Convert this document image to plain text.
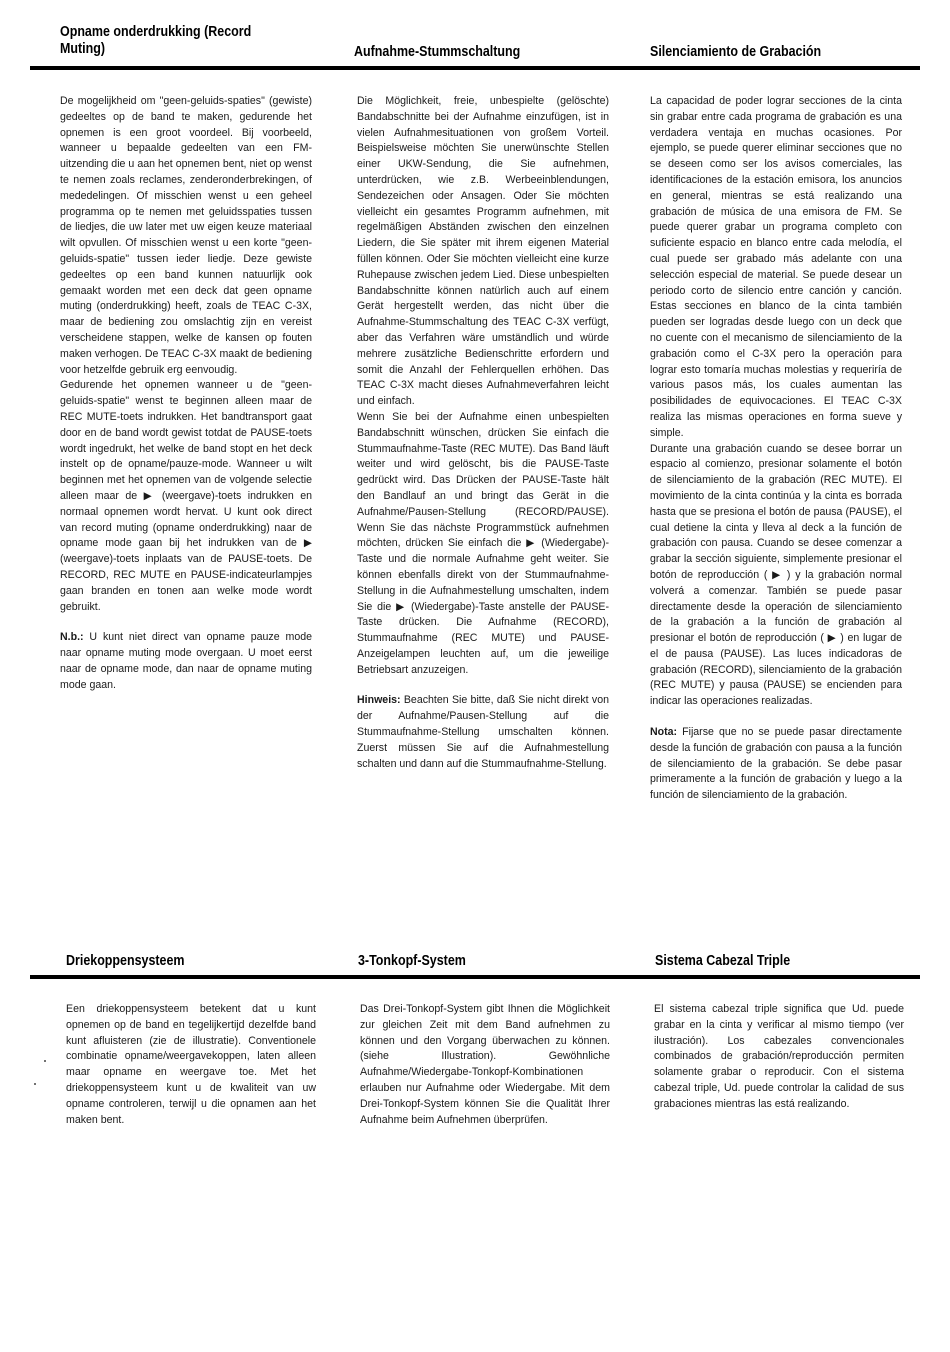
Opname onderdrukking (Record
Muting)	Aufnahme-Stummschaltung	Silenciamiento de Grabación

De mogelijkheid om "geen-geluids-spaties" (gewiste) gedeeltes op de band te maken, gedurende het opnemen is een groot voordeel. Bij voorbeeld, wanneer u bepaalde gedeelten van een FM-uitzending die u aan het opnemen bent, niet op wenst te nemen zoals reclames, zenderonderbrekingen, of mededelingen. Of misschien wenst u een geheel programma op te nemen met geluidsspaties tussen de liedjes, die uw later met uw eigen keuze materiaal wilt opvullen. Of misschien wenst u een korte "geen-geluids-spatie" tussen ieder liedje. Deze gewiste gedeeltes op een band kunnen natuurlijk ook gemaakt worden met een deck dat geen opname muting (onderdrukking) heeft, zoals de TEAC C-3X, maar de bediening zou omslachtig zijn en vereist verscheidene stappen, welke de kansen op fouten maken verhogen. De TEAC C-3X maakt de bediening voor hetzelfde gebruik erg eenvoudig.

Gedurende het opnemen wanneer u de "geen-geluids-spatie" wenst te beginnen alleen maar de REC MUTE-toets indrukken. Het bandtransport gaat door en de band wordt gewist totdat de PAUSE-toets wordt ingedrukt, het welke de band stopt en het deck instelt op de opname/pauze-mode. Wanneer u wilt beginnen met het opnemen van de volgende selectie alleen maar de ▶ (weergave)-toets indrukken en normaal opnemen wordt hervat. U kunt ook direct van record muting (opname onderdrukking) naar de opname mode gaan bij het indrukken van de ▶ (weergave)-toets inplaats van de PAUSE-toets. De RECORD, REC MUTE en PAUSE-indicateurlampjes gaan branden en tonen aan welke mode wordt gebruikt.

N.b.: U kunt niet direct van opname pauze mode naar opname muting mode overgaan. U moet eerst naar de opname mode, dan naar de opname muting mode gaan.

Die Möglichkeit, freie, unbespielte (gelöschte) Bandabschnitte bei der Aufnahme einzufügen, ist in vielen Aufnahmesituationen von großem Vorteil. Beispielsweise möchten Sie unerwünschte Stellen einer UKW-Sendung, die Sie aufnehmen, unterdrücken, wie z.B. Werbeeinblendungen, Sendezeichen oder Ansagen. Oder Sie möchten vielleicht ein gesamtes Programm aufnehmen, mit regelmäßigen Abständen zwischen den einzelnen Liedern, die Sie später mit ihrem eigenen Material füllen können. Oder Sie möchten vielleicht eine kurze Ruhepause zwischen jedem Lied. Diese unbespielten Bandabschnitte können natürlich auch auf einem Gerät hergestellt werden, das nicht über die Aufnahme-Stummschaltung des TEAC C-3X verfügt, aber das Verfahren wäre umständlich und würde mehrere zusätzliche Bedienschritte erfordern und somit die Anzahl der Fehlerquellen erhöhen. Das TEAC C-3X macht dieses Aufnahmeverfahren leicht und einfach.

Wenn Sie bei der Aufnahme einen unbespielten Bandabschnitt wünschen, drücken Sie einfach die Stummaufnahme-Taste (REC MUTE). Das Band läuft weiter und wird gelöscht, bis die PAUSE-Taste gedrückt wird. Das Drücken der PAUSE-Taste hält den Bandlauf an und bringt das Gerät in die Aufnahme/Pausen-Stellung (RECORD/PAUSE). Wenn Sie das nächste Programmstück aufnehmen möchten, drücken Sie einfach die ▶ (Wiedergabe)-Taste und die normale Aufnahme geht weiter. Sie können ebenfalls direkt von der Stummaufnahme-Stellung in die Aufnahmestellung umschalten, indem Sie die ▶ (Wiedergabe)-Taste anstelle der PAUSE-Taste drücken. Die Aufnahme (RECORD), Stummaufnahme (REC MUTE) und PAUSE-Anzeigelampen leuchten auf, um die jeweilige Betriebsart anzuzeigen.

Hinweis: Beachten Sie bitte, daß Sie nicht direkt von der Aufnahme/Pausen-Stellung auf die Stummaufnahme-Stellung umschalten können. Zuerst müssen Sie auf die Aufnahmestellung schalten und dann auf die Stummaufnahme-Stellung.

La capacidad de poder lograr secciones de la cinta sin grabar entre cada programa de grabación es una verdadera ventaja en muchas ocasiones. Por ejemplo, se puede querer eliminar secciones que no se deseen como ser los avisos comerciales, las identificaciones de la estación emisora, los anuncios en general, mientras se está realizando una grabación de música de una emisora de FM. Se puede querer grabar un programa completo con suficiente espacio en blanco entre cada melodía, el cual puede ser grabado más adelante con una selección especial de material. Se puede desear un periodo corto de silencio entre canción y canción. Estas secciones en blanco de la cinta también pueden ser logradas desde luego con un deck que no cuente con el mecanismo de silenciamiento de la grabación como el C-3X pero la operación para lograr esto tomaría muchas molestias y requeriría de various pasos más, los cuales aumentan las posibilidades de equivocaciones. El TEAC C-3X realiza las mismas operaciones en forma sueve y simple.

Durante una grabación cuando se desee borrar un espacio al comienzo, presionar solamente el botón de silenciamiento de la grabación (REC MUTE). El movimiento de la cinta continúa y la cinta es borrada hasta que se presiona el botón de pausa (PAUSE), el cual detiene la cinta y lleva al deck a la función de grabación con pausa. Cuando se desee comenzar a grabar la sección siguiente, simplemente presionar el botón de reproducción ( ▶ ) y la grabación normal volverá a comenzar. También se puede pasar directamente desde la operación de silenciamiento de la grabación a la función de grabación al presionar el botón de reproducción ( ▶ ) en lugar de el de pausa (PAUSE). Las luces indicadoras de grabación (RECORD), silenciamiento de la grabación (REC MUTE) y pausa (PAUSE) se encienden para indicar las operaciones realizadas.

Nota: Fijarse que no se puede pasar directamente desde la función de grabación con pausa a la función de silenciamiento de la grabación. Se debe pasar primeramente a la función de grabación y luego a la función de silenciamiento de la grabación.

Driekoppensysteem	3-Tonkopf-System	Sistema Cabezal Triple

Een driekoppensysteem betekent dat u kunt opnemen op de band en tegelijkertijd dezelfde band kunt afluisteren (zie de illustratie). Conventionele combinatie opname/weergavekoppen, laten alleen maar opname en weergave toe. Met het driekoppensysteem kunt u de kwaliteit van uw opname controleren, terwijl u die opnamen aan het maken bent.

Das Drei-Tonkopf-System gibt Ihnen die Möglichkeit zur gleichen Zeit mit dem Band aufnehmen zu können und den Vorgang überwachen zu können. (siehe Illustration). Gewöhnliche Aufnahme/Wiedergabe-Tonkopf-Kombinationen erlauben nur Aufnahme oder Wiedergabe. Mit dem Drei-Tonkopf-System können Sie die Qualität Ihrer Aufnahme beim Aufnehmen überprüfen.

El sistema cabezal triple significa que Ud. puede grabar en la cinta y verificar al mismo tiempo (ver ilustración). Los cabezales convencionales combinados de grabación/reproducción permiten solamente grabar o reproducir. Con el sistema cabezal triple, Ud. puede controlar la calidad de sus grabaciones mientras las está realizando.
